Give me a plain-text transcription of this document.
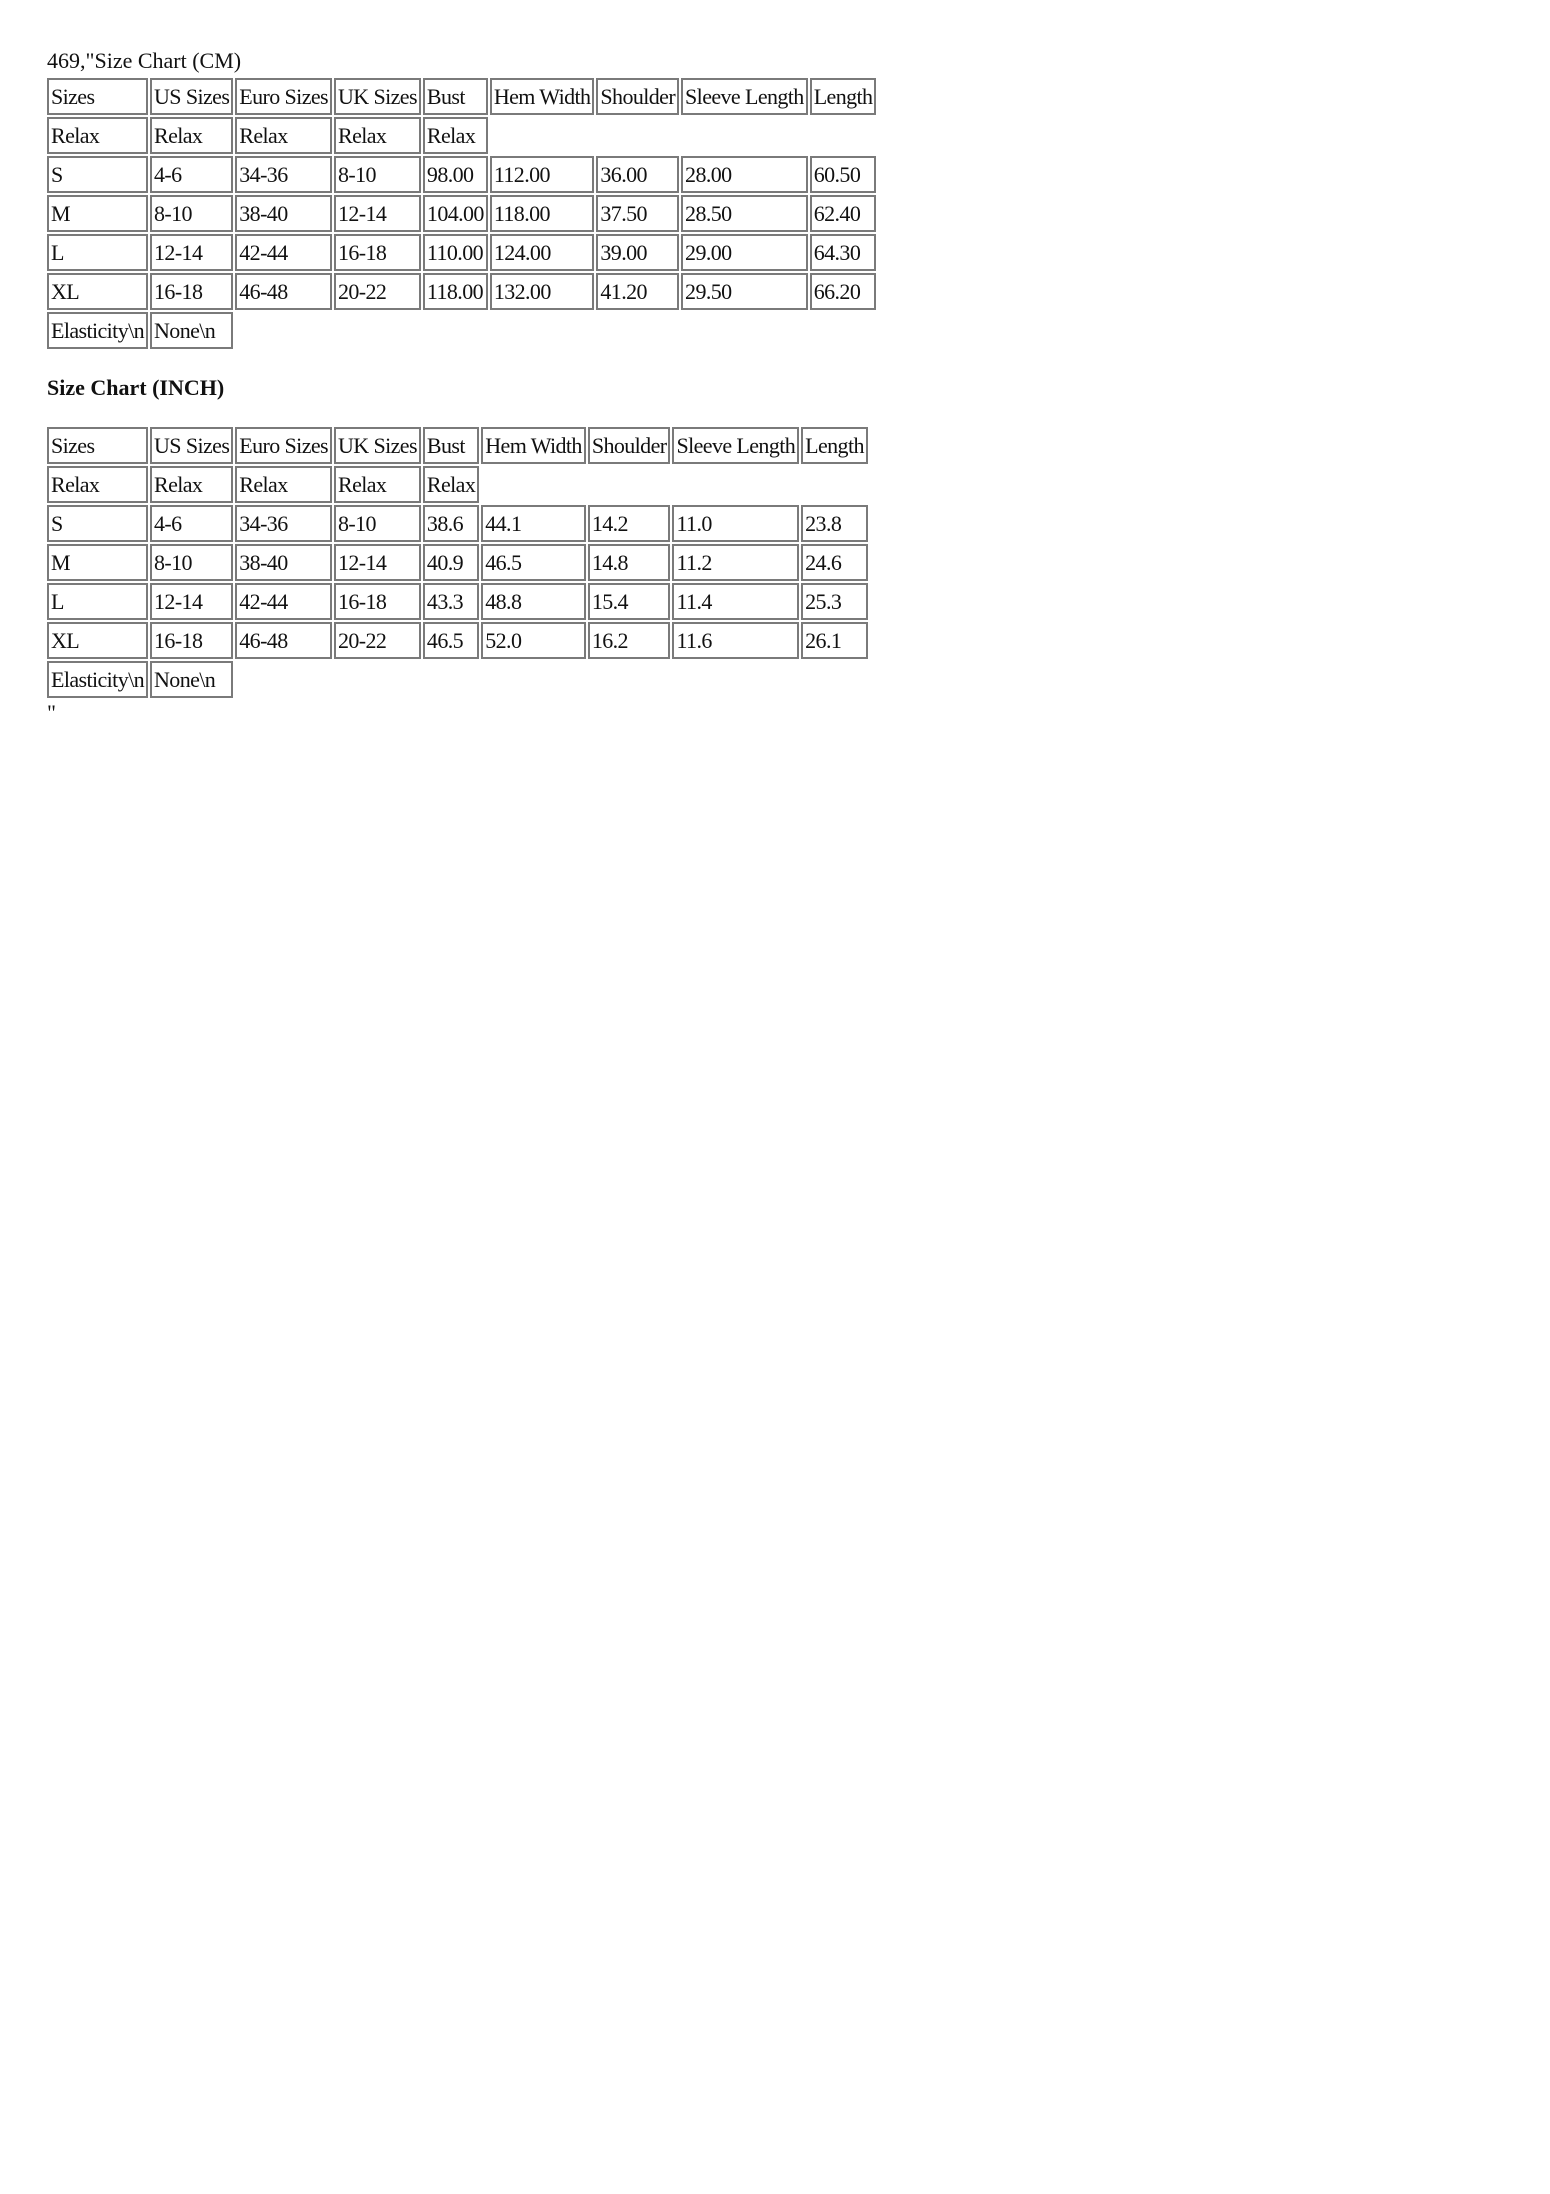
469,"Size Chart (CM)
Sizes	US Sizes	Euro Sizes	UK Sizes	Bust	Hem Width	Shoulder	Sleeve Length	Length
Relax	Relax	Relax	Relax	Relax				
S	4-6	34-36	8-10	98.00	112.00	36.00	28.00	60.50
M	8-10	38-40	12-14	104.00	118.00	37.50	28.50	62.40
L	12-14	42-44	16-18	110.00	124.00	39.00	29.00	64.30
XL	16-18	46-48	20-22	118.00	132.00	41.20	29.50	66.20
Elasticity\n	None\n							
Size Chart (INCH)
Sizes	US Sizes	Euro Sizes	UK Sizes	Bust	Hem Width	Shoulder	Sleeve Length	Length
Relax	Relax	Relax	Relax	Relax				
S	4-6	34-36	8-10	38.6	44.1	14.2	11.0	23.8
M	8-10	38-40	12-14	40.9	46.5	14.8	11.2	24.6
L	12-14	42-44	16-18	43.3	48.8	15.4	11.4	25.3
XL	16-18	46-48	20-22	46.5	52.0	16.2	11.6	26.1
Elasticity\n	None\n							
"
